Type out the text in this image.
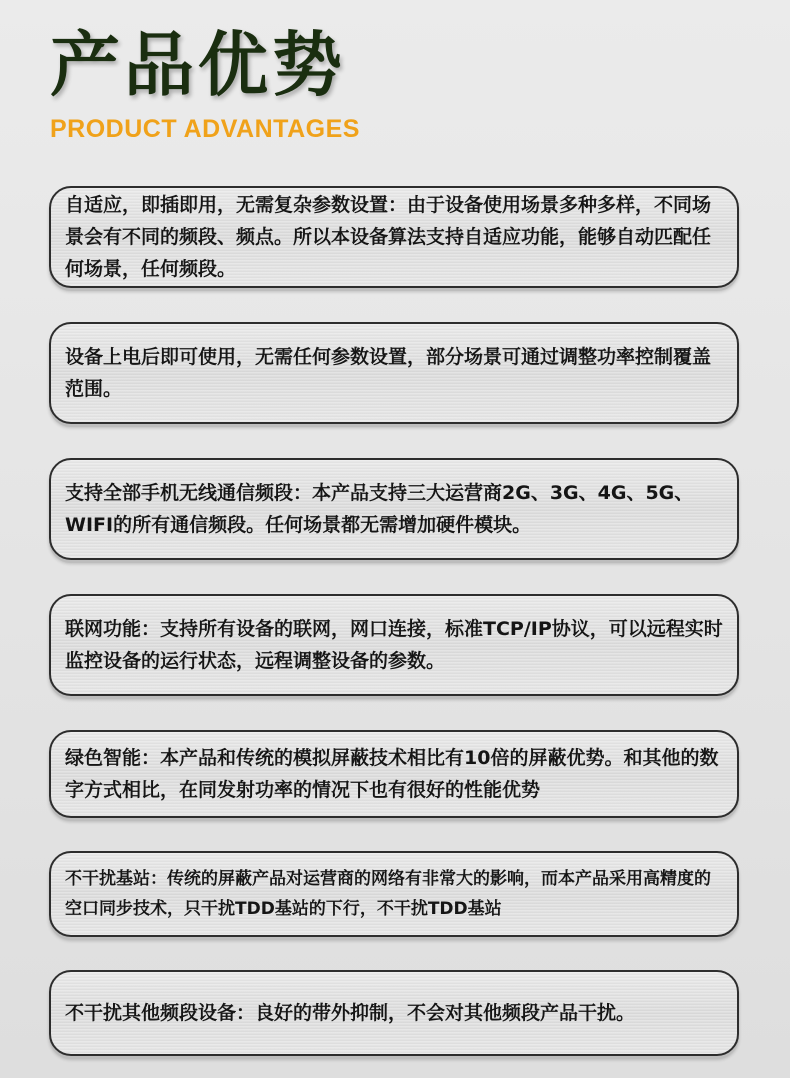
产品优势
PRODUCT ADVANTAGES

自适应，即插即用，无需复杂参数设置：由于设备使用场景多种多样，不同场景会有不同的频段、频点。所以本设备算法支持自适应功能，能够自动匹配任何场景，任何频段。

设备上电后即可使用，无需任何参数设置，部分场景可通过调整功率控制覆盖范围。

支持全部手机无线通信频段：本产品支持三大运营商2G、3G、4G、5G、WIFI的所有通信频段。任何场景都无需增加硬件模块。

联网功能：支持所有设备的联网，网口连接，标准TCP/IP协议，可以远程实时监控设备的运行状态，远程调整设备的参数。

绿色智能：本产品和传统的模拟屏蔽技术相比有10倍的屏蔽优势。和其他的数字方式相比，在同发射功率的情况下也有很好的性能优势

不干扰基站：传统的屏蔽产品对运营商的网络有非常大的影响，而本产品采用高精度的空口同步技术，只干扰TDD基站的下行，不干扰TDD基站

不干扰其他频段设备：良好的带外抑制，不会对其他频段产品干扰。
